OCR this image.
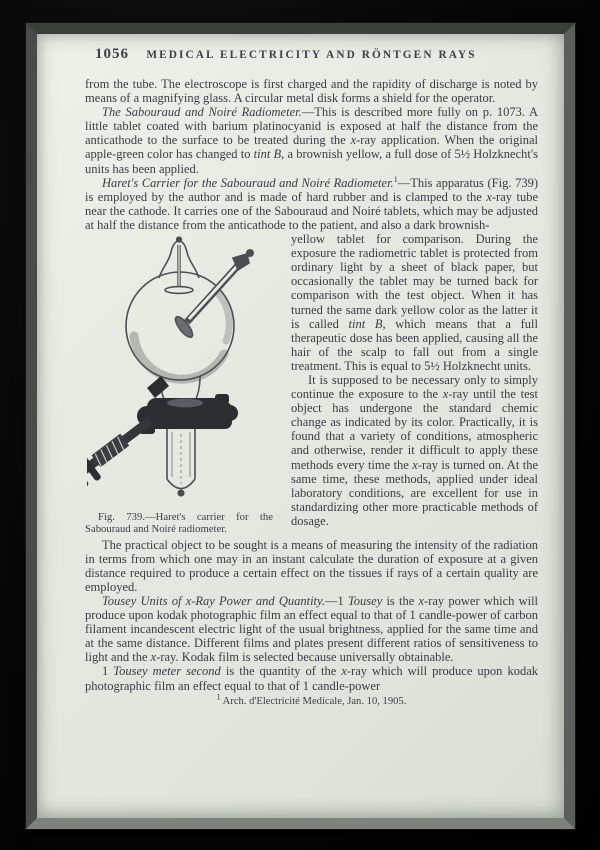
1056	MEDICAL ELECTRICITY AND RÖNTGEN RAYS

from the tube. The electroscope is first charged and the rapidity of discharge is noted by means of a magnifying glass. A circular metal disk forms a shield for the operator.

The Sabouraud and Noiré Radiometer.—This is described more fully on p. 1073. A little tablet coated with barium platinocyanid is exposed at half the distance from the anticathode to the surface to be treated during the x-ray application. When the original apple-green color has changed to tint B, a brownish yellow, a full dose of 5½ Holzknecht's units has been applied.

Haret's Carrier for the Sabouraud and Noiré Radiometer.$^1$—This apparatus (Fig. 739) is employed by the author and is made of hard rubber and is clamped to the x-ray tube near the cathode. It carries one of the Sabouraud and Noiré tablets, which may be adjusted at half the distance from the anticathode to the patient, and also a dark brownish-

Fig. 739.—Haret's carrier for the Sabouraud and Noiré radiometer.

yellow tablet for comparison. During the exposure the radiometric tablet is protected from ordinary light by a sheet of black paper, but occasionally the tablet may be turned back for comparison with the test object. When it has turned the same dark yellow color as the latter it is called tint B, which means that a full therapeutic dose has been applied, causing all the hair of the scalp to fall out from a single treatment. This is equal to 5½ Holzknecht units.

It is supposed to be necessary only to simply continue the exposure to the x-ray until the test object has undergone the standard chemic change as indicated by its color. Practically, it is found that a variety of conditions, atmospheric and otherwise, render it difficult to apply these methods every time the x-ray is turned on. At the same time, these methods, applied under ideal laboratory conditions, are excellent for use in standardizing other more practicable methods of dosage.

The practical object to be sought is a means of measuring the intensity of the radiation in terms from which one may in an instant calculate the duration of exposure at a given distance required to produce a certain effect on the tissues if rays of a certain quality are employed.

Tousey Units of x-Ray Power and Quantity.—1 Tousey is the x-ray power which will produce upon kodak photographic film an effect equal to that of 1 candle-power of carbon filament incandescent electric light of the usual brightness, applied for the same time and at the same distance. Different films and plates present different ratios of sensitiveness to light and the x-ray. Kodak film is selected because universally obtainable.

1 Tousey meter second is the quantity of the x-ray which will produce upon kodak photographic film an effect equal to that of 1 candle-power

$^1$ Arch. d'Electricité Medicale, Jan. 10, 1905.
